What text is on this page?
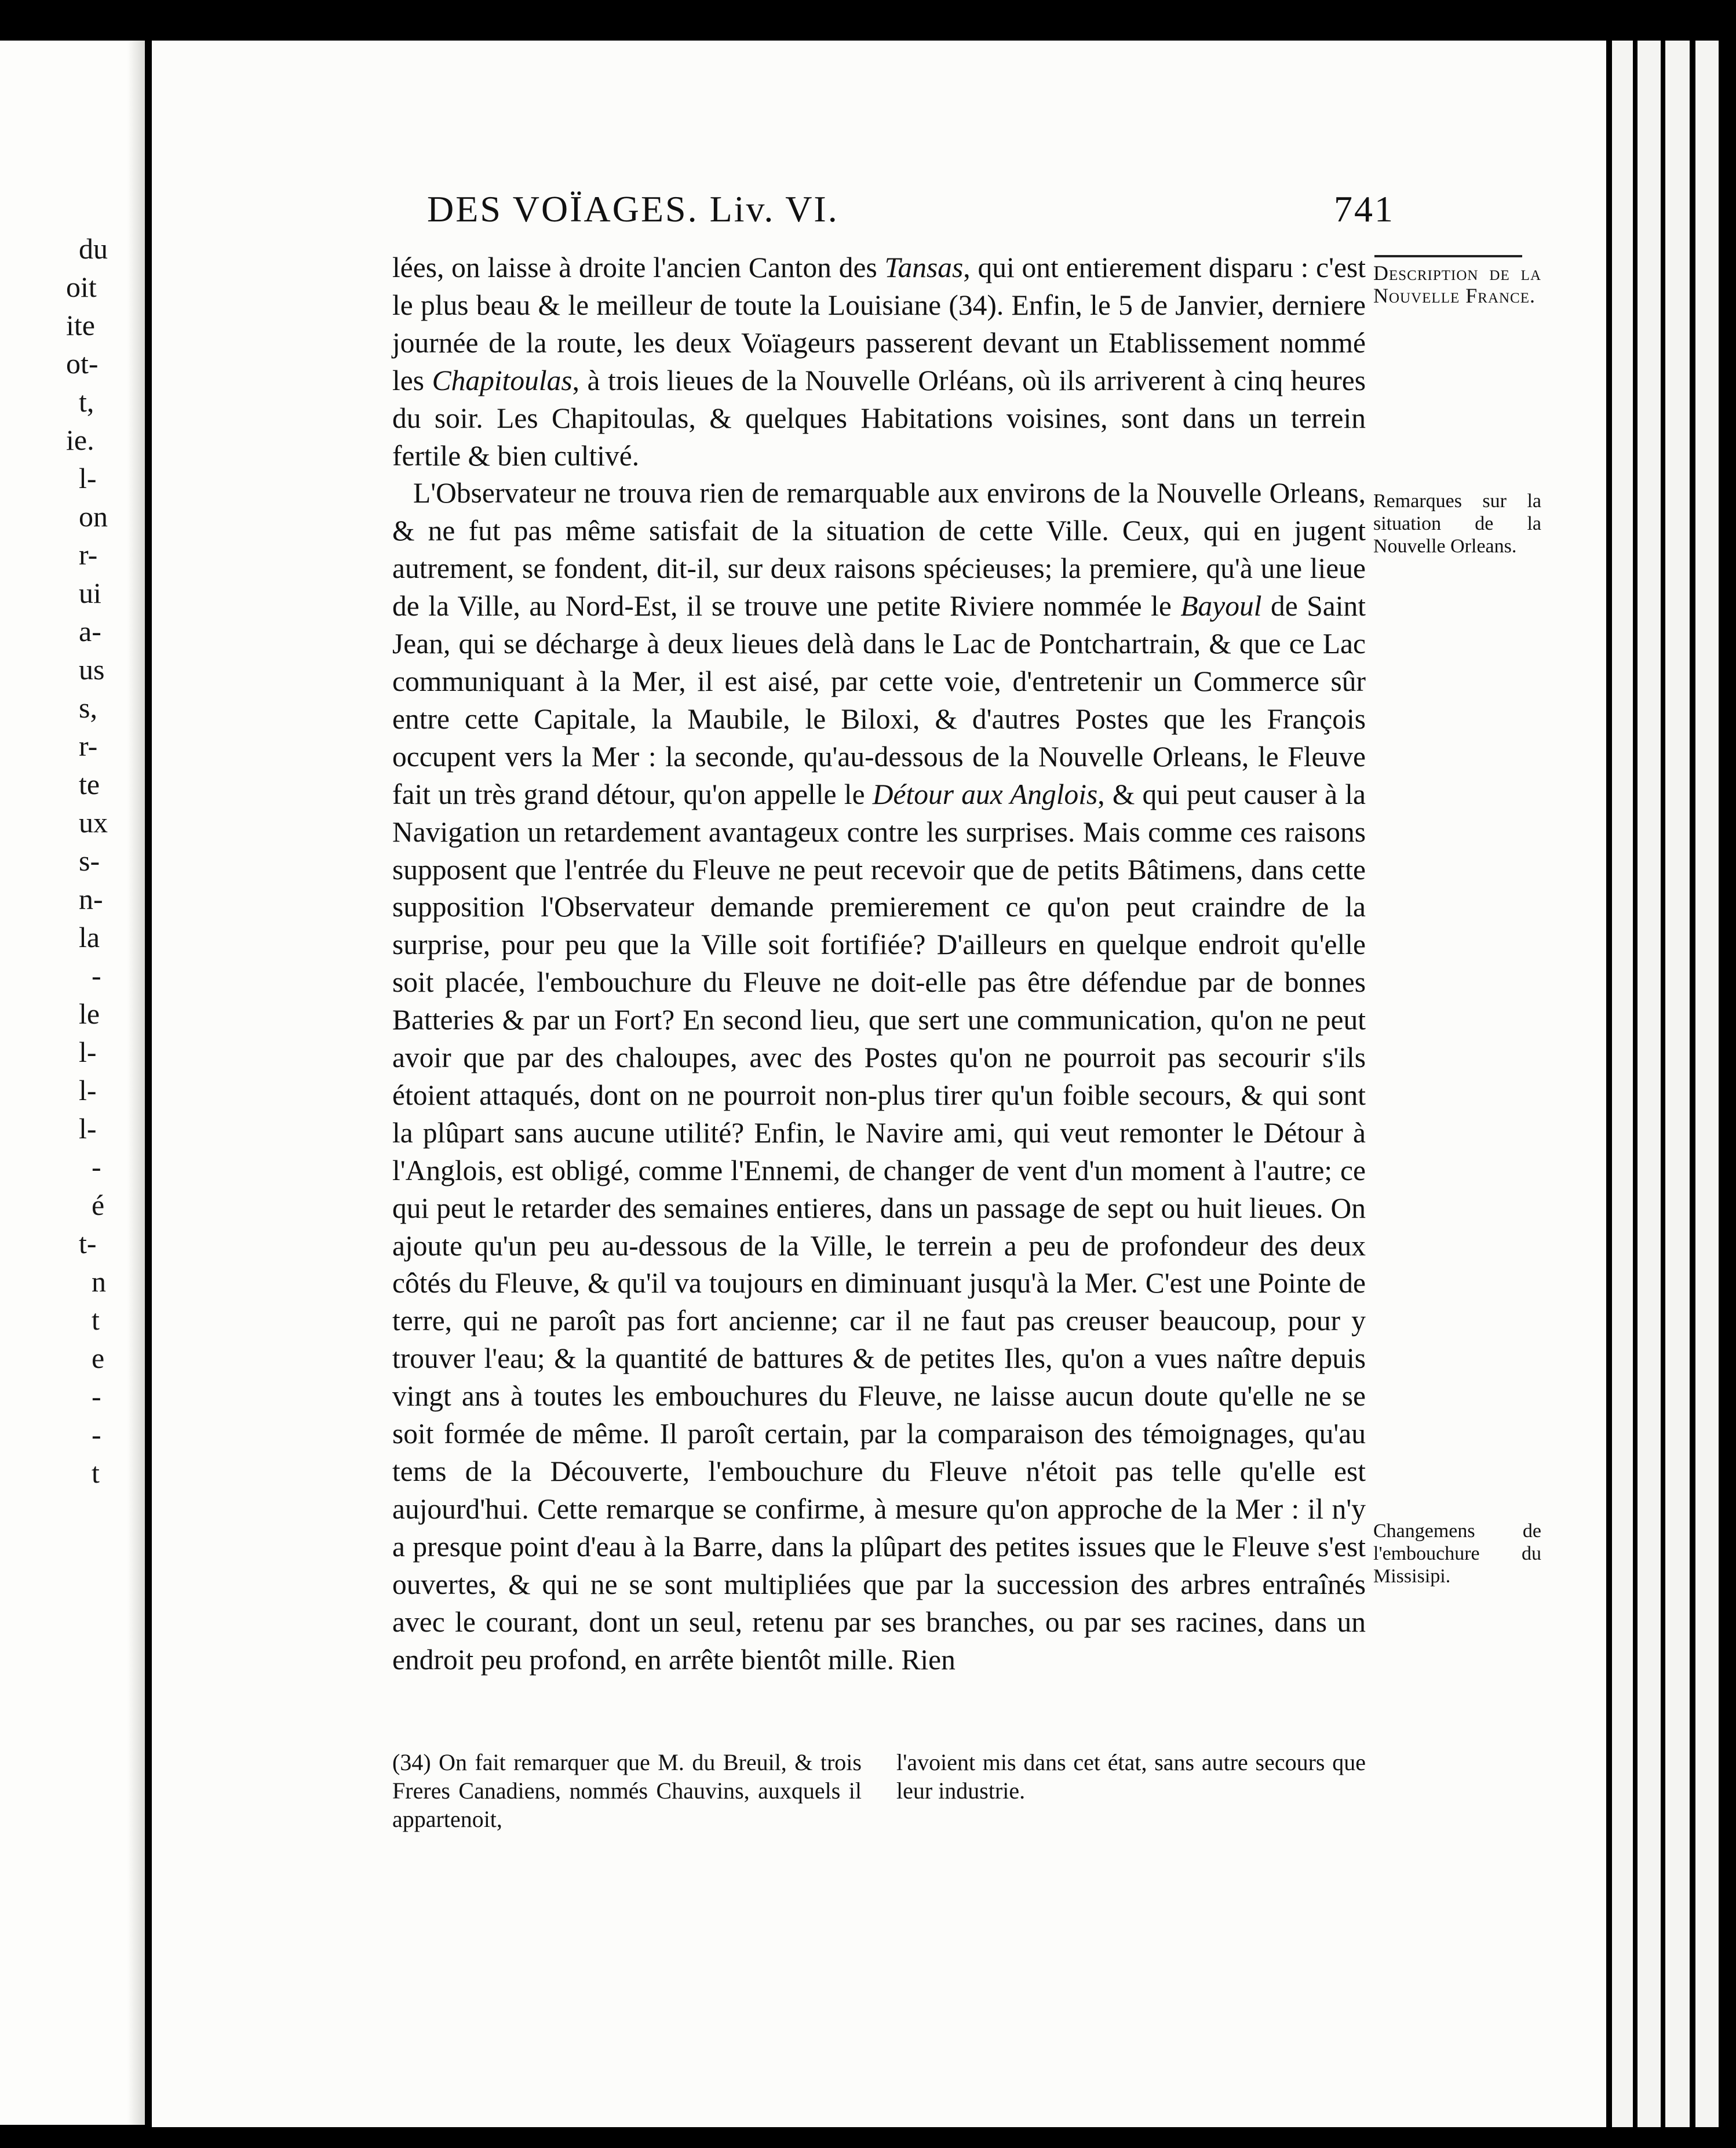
du
oit
ite
ot-
t,
ie.
l-
on
r-
ui
a-
us
s,
r-
te
ux
s-
n-
la
-
le
l-
l-
l-
-
é
t-
n
t
e
-
-
t
DES VOÏAGES. Liv. VI.	741

lées, on laisse à droite l'ancien Canton des Tansas, qui ont entierement disparu : c'est le plus beau & le meilleur de toute la Louisiane (34). Enfin, le 5 de Janvier, derniere journée de la route, les deux Voïageurs passerent devant un Etablissement nommé les Chapitoulas, à trois lieues de la Nouvelle Orléans, où ils arriverent à cinq heures du soir. Les Chapitoulas, & quelques Habitations voisines, sont dans un terrein fertile & bien cultivé.

L'Observateur ne trouva rien de remarquable aux environs de la Nouvelle Orleans, & ne fut pas même satisfait de la situation de cette Ville. Ceux, qui en jugent autrement, se fondent, dit-il, sur deux raisons spécieuses; la premiere, qu'à une lieue de la Ville, au Nord-Est, il se trouve une petite Riviere nommée le Bayoul de Saint Jean, qui se décharge à deux lieues delà dans le Lac de Pontchartrain, & que ce Lac communiquant à la Mer, il est aisé, par cette voie, d'entretenir un Commerce sûr entre cette Capitale, la Maubile, le Biloxi, & d'autres Postes que les François occupent vers la Mer : la seconde, qu'au-dessous de la Nouvelle Orleans, le Fleuve fait un très grand détour, qu'on appelle le Détour aux Anglois, & qui peut causer à la Navigation un retardement avantageux contre les surprises. Mais comme ces raisons supposent que l'entrée du Fleuve ne peut recevoir que de petits Bâtimens, dans cette supposition l'Observateur demande premierement ce qu'on peut craindre de la surprise, pour peu que la Ville soit fortifiée? D'ailleurs en quelque endroit qu'elle soit placée, l'embouchure du Fleuve ne doit-elle pas être défendue par de bonnes Batteries & par un Fort? En second lieu, que sert une communication, qu'on ne peut avoir que par des chaloupes, avec des Postes qu'on ne pourroit pas secourir s'ils étoient attaqués, dont on ne pourroit non-plus tirer qu'un foible secours, & qui sont la plûpart sans aucune utilité? Enfin, le Navire ami, qui veut remonter le Détour à l'Anglois, est obligé, comme l'Ennemi, de changer de vent d'un moment à l'autre; ce qui peut le retarder des semaines entieres, dans un passage de sept ou huit lieues. On ajoute qu'un peu au-dessous de la Ville, le terrein a peu de profondeur des deux côtés du Fleuve, & qu'il va toujours en diminuant jusqu'à la Mer. C'est une Pointe de terre, qui ne paroît pas fort ancienne; car il ne faut pas creuser beaucoup, pour y trouver l'eau; & la quantité de battures & de petites Iles, qu'on a vues naître depuis vingt ans à toutes les embouchures du Fleuve, ne laisse aucun doute qu'elle ne se soit formée de même. Il paroît certain, par la comparaison des témoignages, qu'au tems de la Découverte, l'embouchure du Fleuve n'étoit pas telle qu'elle est aujourd'hui. Cette remarque se confirme, à mesure qu'on approche de la Mer : il n'y a presque point d'eau à la Barre, dans la plûpart des petites issues que le Fleuve s'est ouvertes, & qui ne se sont multipliées que par la succession des arbres entraînés avec le courant, dont un seul, retenu par ses branches, ou par ses racines, dans un endroit peu profond, en arrête bientôt mille. Rien

Description de la Nouvelle France.
Remarques sur la situation de la Nouvelle Orleans.
Changemens de l'embouchure du Missisipi.
(34) On fait remarquer que M. du Breuil, & trois Freres Canadiens, nommés Chauvins, auxquels il appartenoit,
l'avoient mis dans cet état, sans autre secours que leur industrie.
